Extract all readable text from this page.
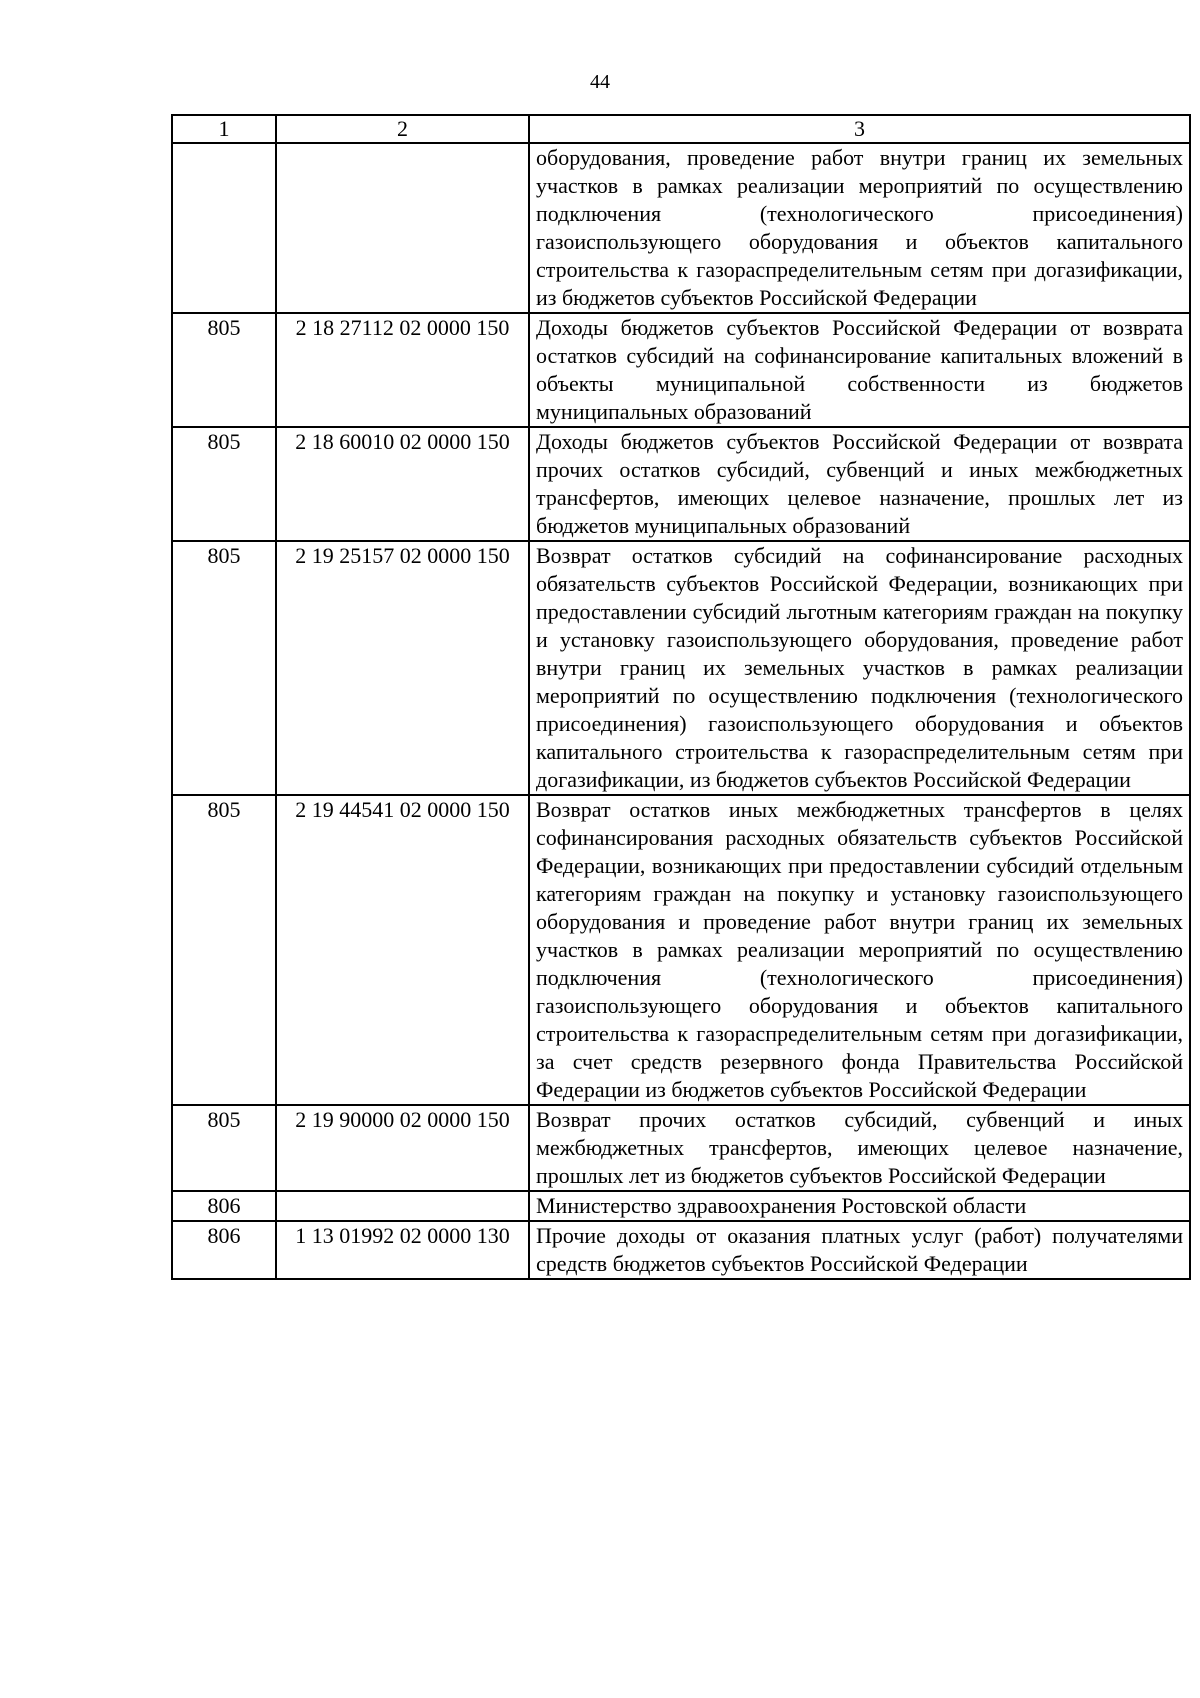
44
1	2	3
		оборудования, проведение работ внутри границ их земельных участков в рамках реализации мероприятий по осуществлению подключения (технологического присоединения) газоиспользующего оборудования и объектов капитального строительства к газораспределительным сетям при догазификации, из бюджетов субъектов Российской Федерации
805	2 18 27112 02 0000 150	Доходы бюджетов субъектов Российской Федерации от возврата остатков субсидий на софинансирование капитальных вложений в объекты муниципальной собственности из бюджетов муниципальных образований
805	2 18 60010 02 0000 150	Доходы бюджетов субъектов Российской Федерации от возврата прочих остатков субсидий, субвенций и иных межбюджетных трансфертов, имеющих целевое назначение, прошлых лет из бюджетов муниципальных образований
805	2 19 25157 02 0000 150	Возврат остатков субсидий на софинансирование расходных обязательств субъектов Российской Федерации, возникающих при предоставлении субсидий льготным категориям граждан на покупку и установку газоиспользующего оборудования, проведение работ внутри границ их земельных участков в рамках реализации мероприятий по осуществлению подключения (технологического присоединения) газоиспользующего оборудования и объектов капитального строительства к газораспределительным сетям при догазификации, из бюджетов субъектов Российской Федерации
805	2 19 44541 02 0000 150	Возврат остатков иных межбюджетных трансфертов в целях софинансирования расходных обязательств субъектов Российской Федерации, возникающих при предоставлении субсидий отдельным категориям граждан на покупку и установку газоиспользующего оборудования и проведение работ внутри границ их земельных участков в рамках реализации мероприятий по осуществлению подключения (технологического присоединения) газоиспользующего оборудования и объектов капитального строительства к газораспределительным сетям при догазификации, за счет средств резервного фонда Правительства Российской Федерации из бюджетов субъектов Российской Федерации
805	2 19 90000 02 0000 150	Возврат прочих остатков субсидий, субвенций и иных межбюджетных трансфертов, имеющих целевое назначение, прошлых лет из бюджетов субъектов Российской Федерации
806		Министерство здравоохранения Ростовской области
806	1 13 01992 02 0000 130	Прочие доходы от оказания платных услуг (работ) получателями средств бюджетов субъектов Российской Федерации
